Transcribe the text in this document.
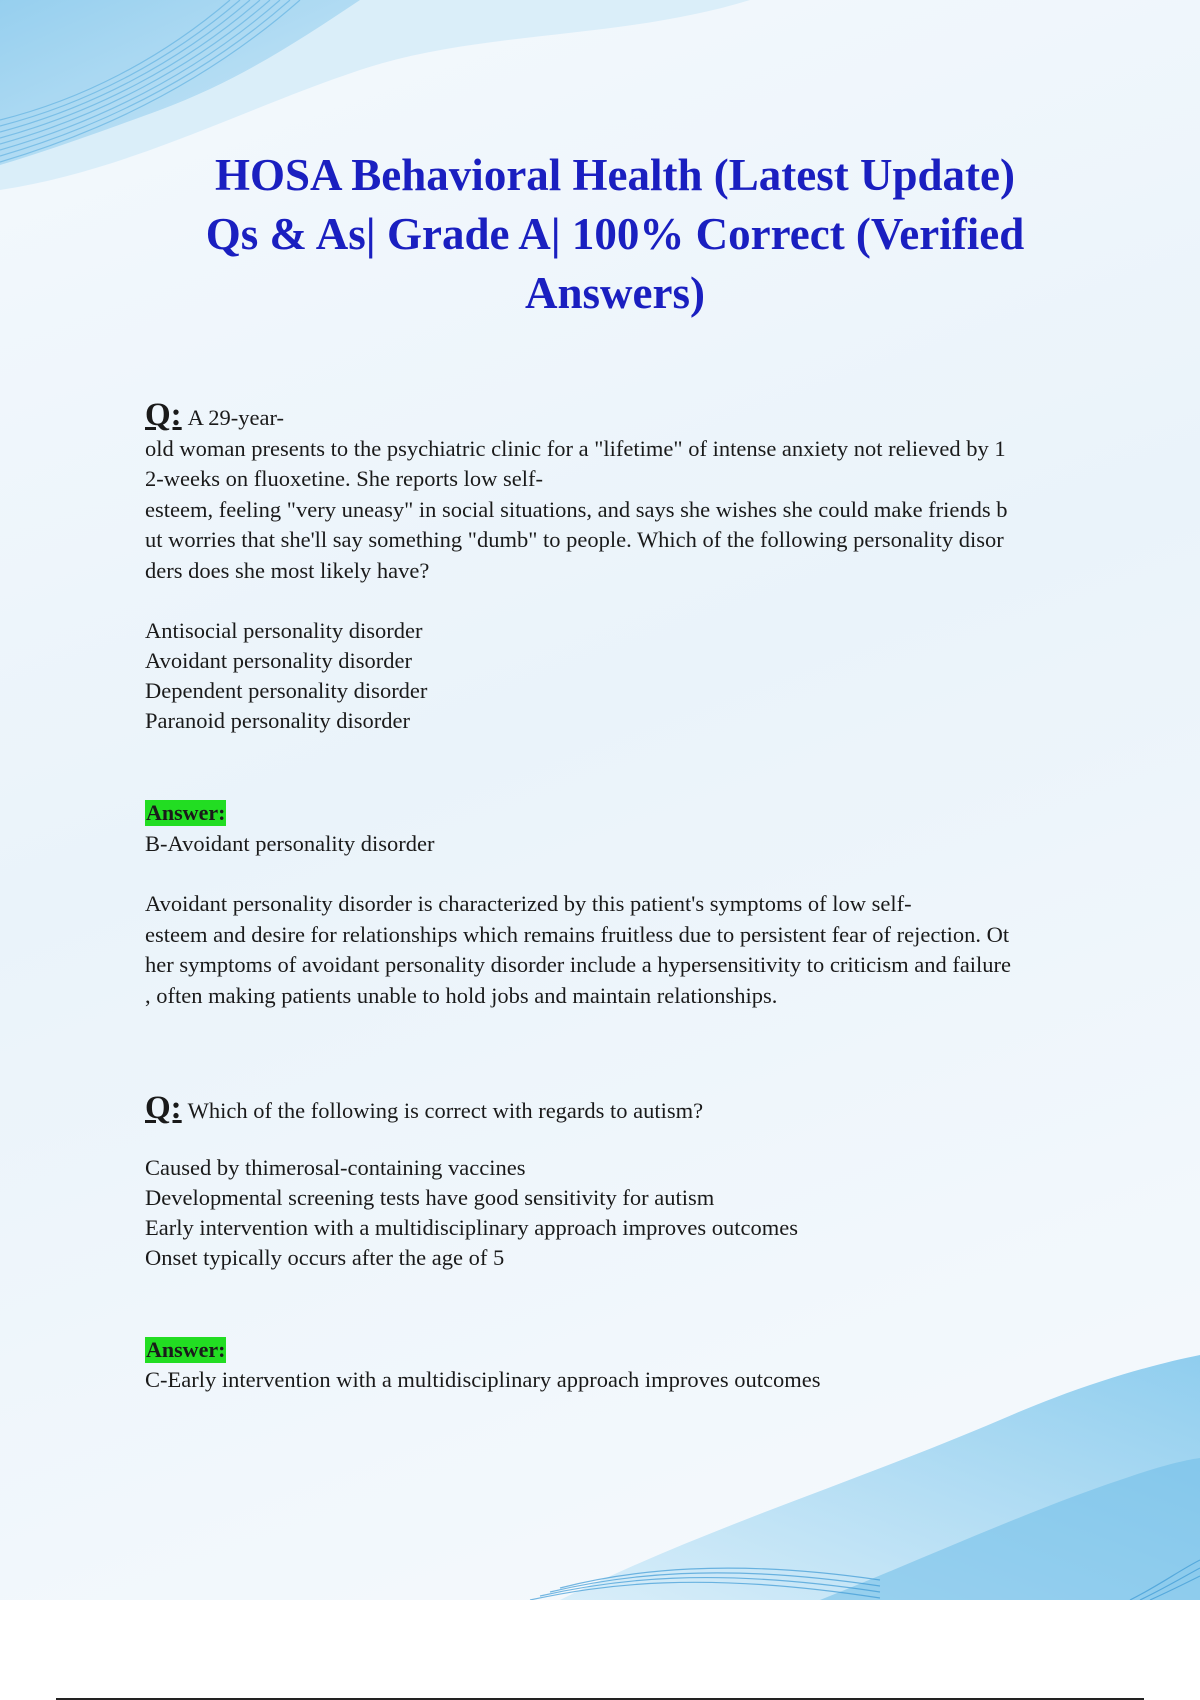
HOSA Behavioral Health (Latest Update)
Qs & As| Grade A| 100% Correct (Verified
Answers)
Q: A 29-year-
old woman presents to the psychiatric clinic for a "lifetime" of intense anxiety not relieved by 1
2-weeks on fluoxetine. She reports low self-
esteem, feeling "very uneasy" in social situations, and says she wishes she could make friends b
ut worries that she'll say something "dumb" to people. Which of the following personality disor
ders does she most likely have?
Antisocial personality disorder
Avoidant personality disorder
Dependent personality disorder
Paranoid personality disorder
Answer:
B-Avoidant personality disorder
Avoidant personality disorder is characterized by this patient's symptoms of low self-
esteem and desire for relationships which remains fruitless due to persistent fear of rejection. Ot
her symptoms of avoidant personality disorder include a hypersensitivity to criticism and failure
, often making patients unable to hold jobs and maintain relationships.
Q: Which of the following is correct with regards to autism?
Caused by thimerosal-containing vaccines
Developmental screening tests have good sensitivity for autism
Early intervention with a multidisciplinary approach improves outcomes
Onset typically occurs after the age of 5
Answer:
C-Early intervention with a multidisciplinary approach improves outcomes
